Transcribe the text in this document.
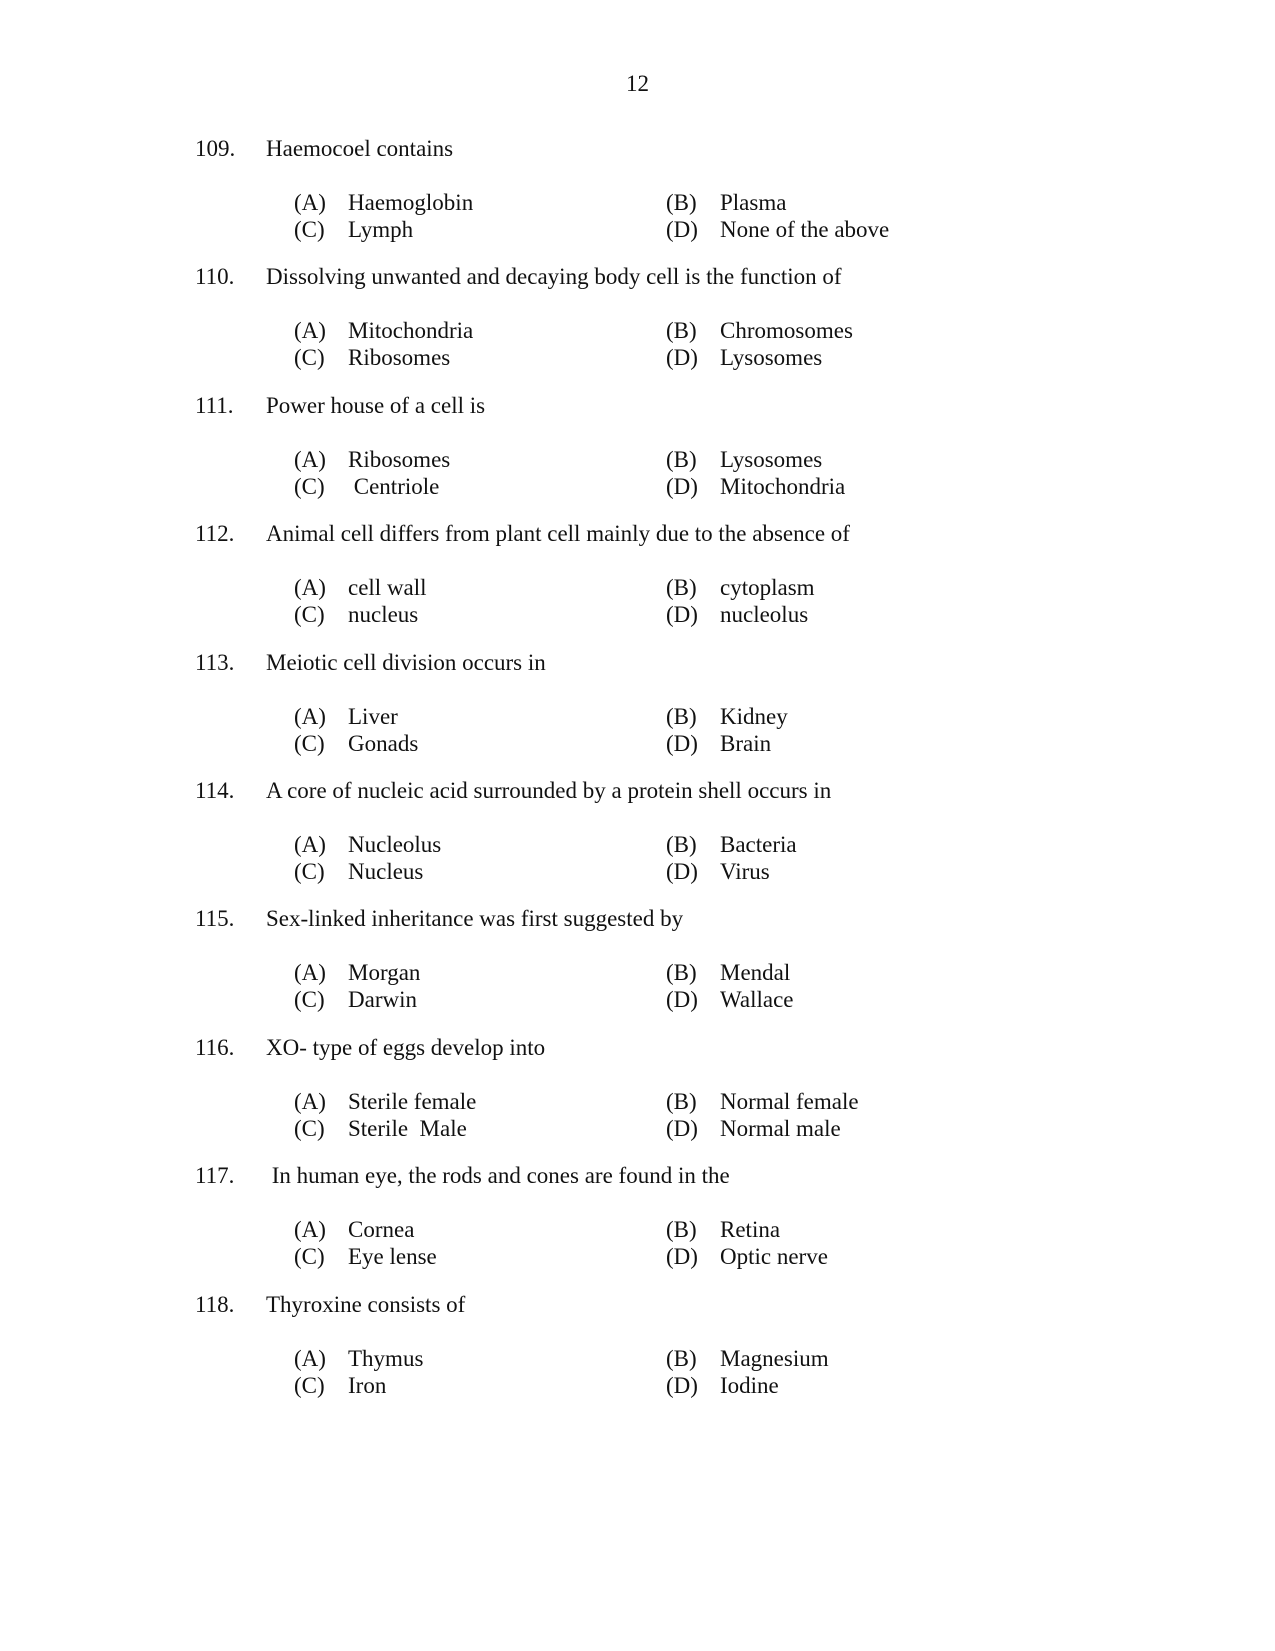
12
109. Haemocoel contains
(A) Haemoglobin	(B) Plasma
(C) Lymph	(D) None of the above
110. Dissolving unwanted and decaying body cell is the function of
(A) Mitochondria	(B) Chromosomes
(C) Ribosomes	(D) Lysosomes
111. Power house of a cell is
(A) Ribosomes	(B) Lysosomes
(C) Centriole	(D) Mitochondria
112. Animal cell differs from plant cell mainly due to the absence of
(A) cell wall	(B) cytoplasm
(C) nucleus	(D) nucleolus
113. Meiotic cell division occurs in
(A) Liver	(B) Kidney
(C) Gonads	(D) Brain
114. A core of nucleic acid surrounded by a protein shell occurs in
(A) Nucleolus	(B) Bacteria
(C) Nucleus	(D) Virus
115. Sex-linked inheritance was first suggested by
(A) Morgan	(B) Mendal
(C) Darwin	(D) Wallace
116. XO- type of eggs develop into
(A) Sterile female	(B) Normal female
(C) Sterile  Male	(D) Normal male
117. In human eye, the rods and cones are found in the
(A) Cornea	(B) Retina
(C) Eye lense	(D) Optic nerve
118. Thyroxine consists of
(A) Thymus	(B) Magnesium
(C) Iron	(D) Iodine
